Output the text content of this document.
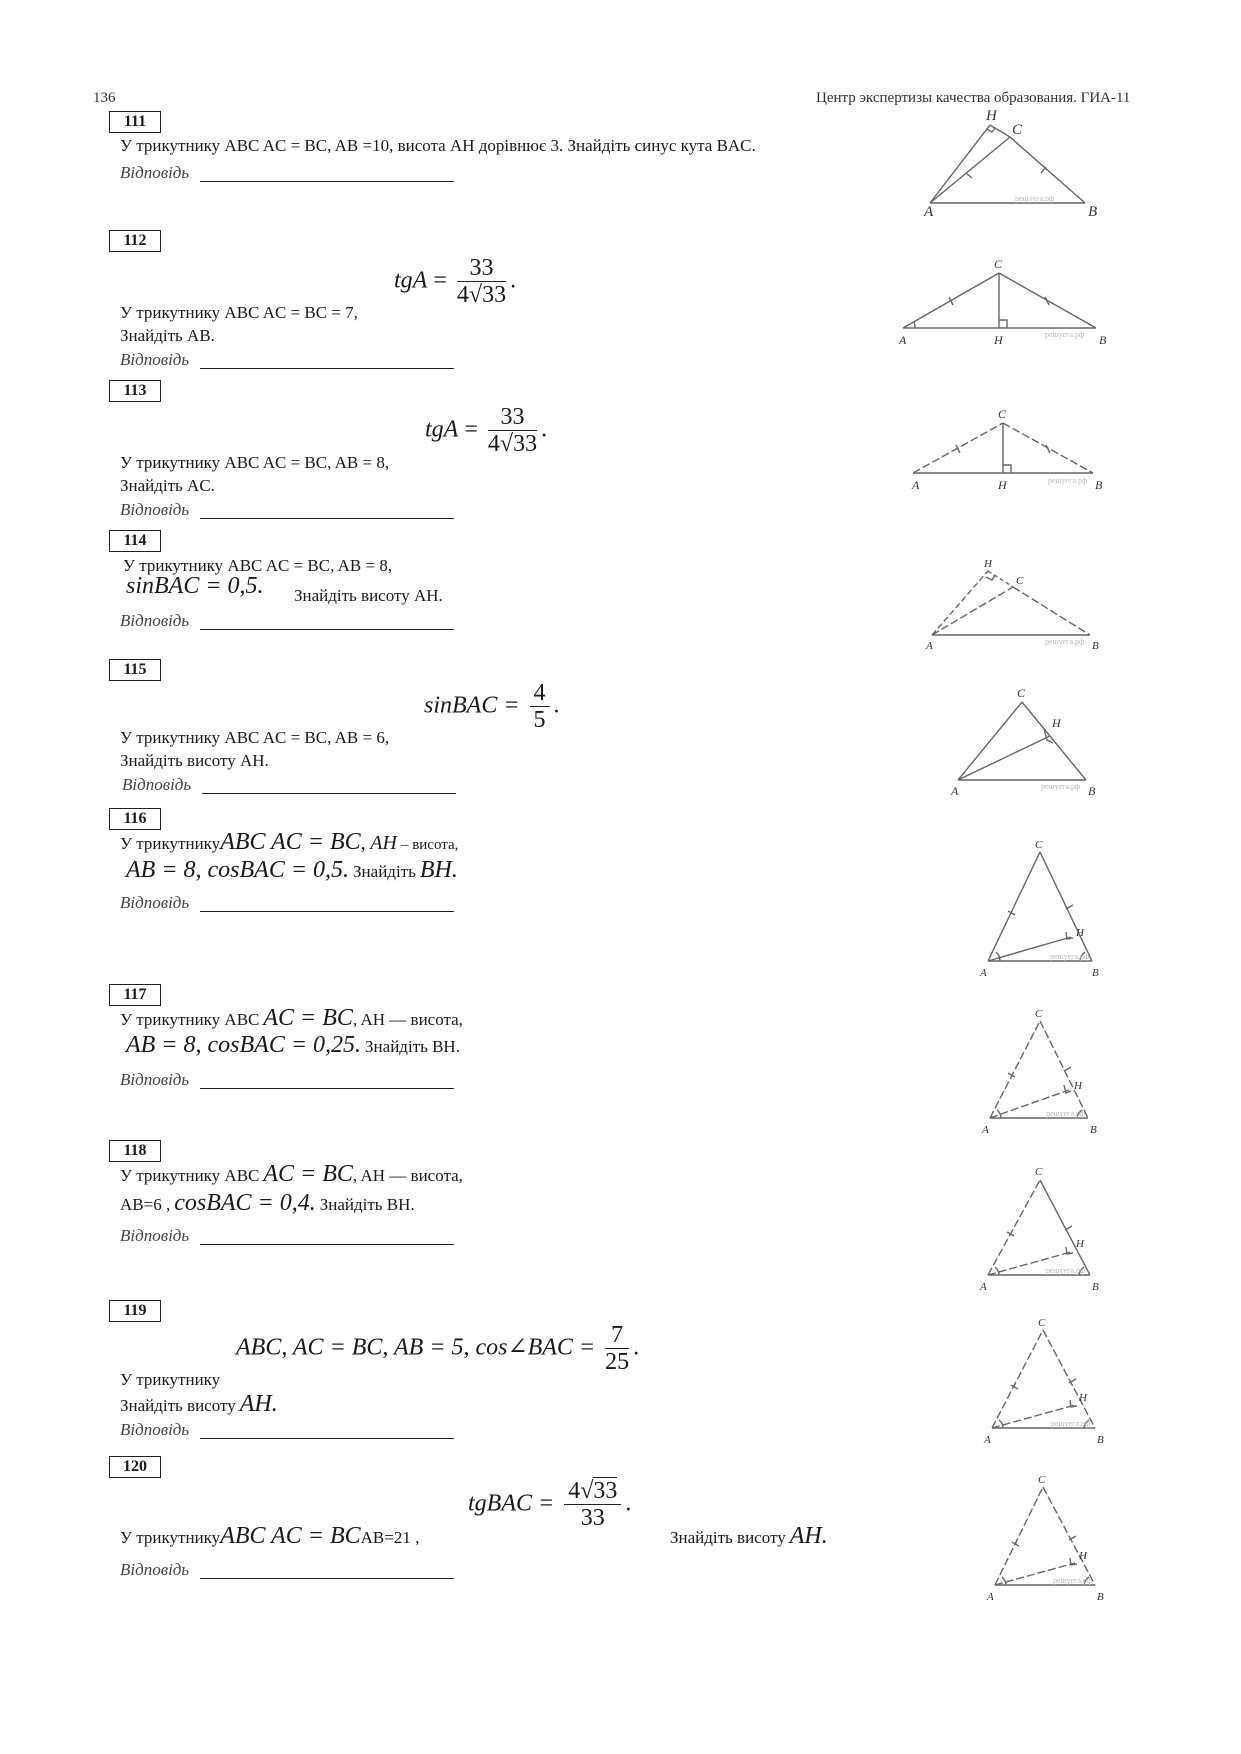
136	Центр экспертизы качества образования. ГИА-11
111
У трикутнику ABC AC = BC, AB =10, висота AH дорівнює 3. Знайдіть синус кута BAC.
Відповідь
112
tgA = $\frac{33}{4√33}$ .
У трикутнику ABC AC = BC = 7,
Знайдіть AB.
Відповідь
113
tgA = $\frac{33}{4√33}$ .
У трикутнику ABC AC = BC, AB = 8,
Знайдіть AC.
Відповідь
114
У трикутнику ABC AC = BC, AB = 8,
sinBAC = 0,5. Знайдіть висоту AH.
Відповідь
115
sinBAC = $\frac{4}{5}$ .
У трикутнику ABC AC = BC, AB = 6,
Знайдіть висоту AH.
Відповідь
116
У трикутникуABC AC = BC, AH – висота,
AB = 8, cosBAC = 0,5. Знайдіть BH.
Відповідь
117
У трикутнику ABC AC = BC, AH — висота,
AB = 8, cosBAC = 0,25. Знайдіть BH.
Відповідь
118
У трикутнику ABC AC = BC, AH — висота,
AB=6 , cosBAC = 0,4. Знайдіть BH.
Відповідь
119
ABC, AC = BC, AB = 5, cos∠BAC = $\frac{7}{25}$ .
У трикутнику
Знайдіть висоту AH.
Відповідь
120
tgBAC = $\frac{4√33}{33}$ .
У трикутникуABC AC = BCAB=21 ,	Знайдіть висоту AH.
Відповідь
A	B
C
H
решуега.рф
A	B
C
H	решуега.рф
A	B
C
H	решуега.рф
A	B
C
H
решуега.рф
A	B
C
H
решуега.рф
A	B
C
H
решуега.рф
A	B
C
H
решуега.рф
A	B
C
H
решуега.рф
A	B
C
H
решуега.рф
A	B
C
H
решуега.рф
